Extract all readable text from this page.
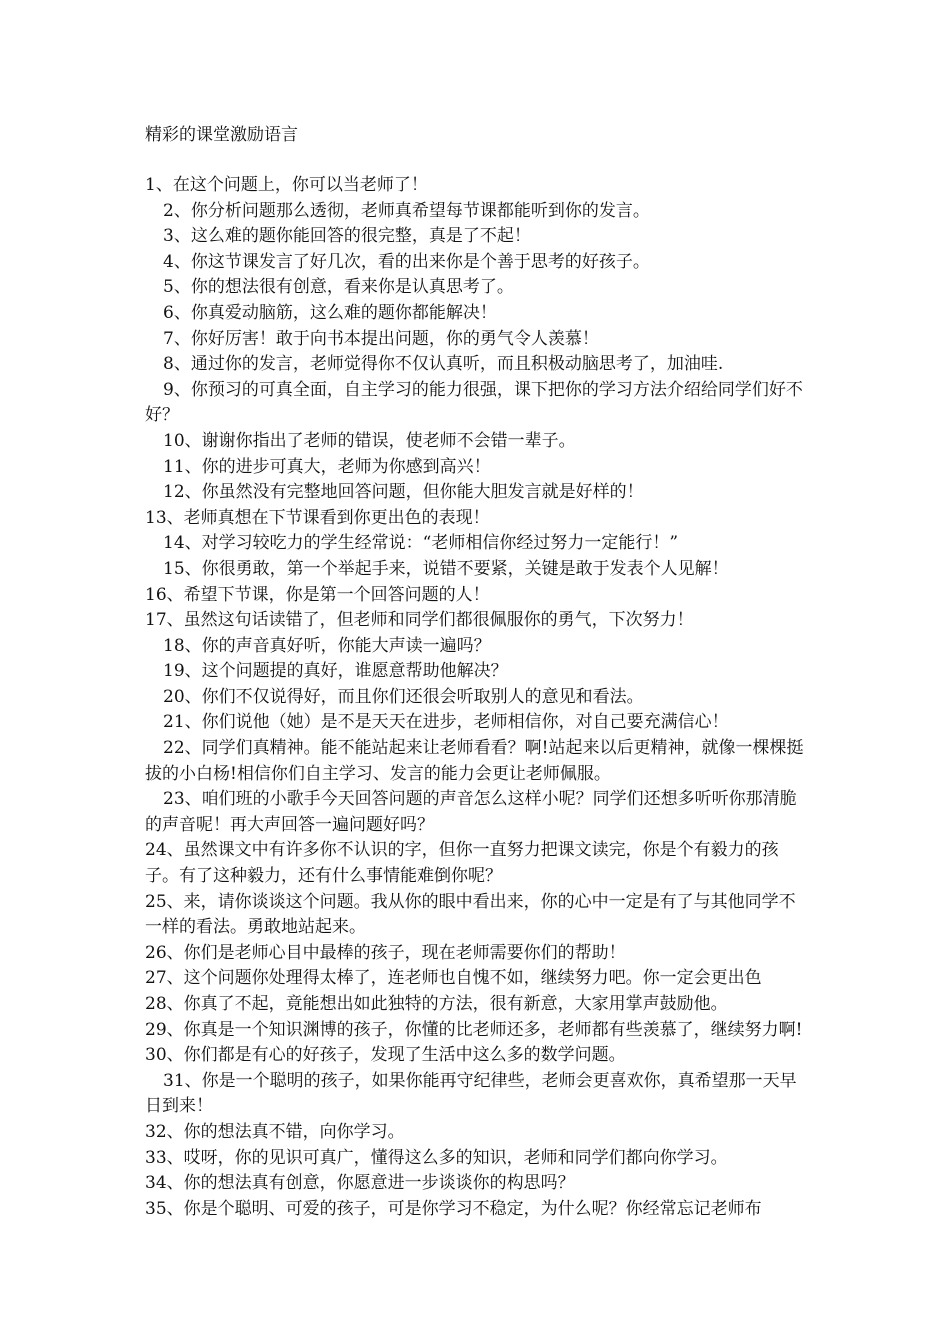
精彩的课堂激励语言
1、在这个问题上，你可以当老师了！
2、你分析问题那么透彻，老师真希望每节课都能听到你的发言。
3、这么难的题你能回答的很完整，真是了不起！
4、你这节课发言了好几次，看的出来你是个善于思考的好孩子。
5、你的想法很有创意，看来你是认真思考了。
6、你真爱动脑筋，这么难的题你都能解决！
7、你好厉害！敢于向书本提出问题，你的勇气令人羡慕！
8、通过你的发言，老师觉得你不仅认真听，而且积极动脑思考了，加油哇.
9、你预习的可真全面，自主学习的能力很强，课下把你的学习方法介绍给同学们好不好？
10、谢谢你指出了老师的错误，使老师不会错一辈子。
11、你的进步可真大，老师为你感到高兴！
12、你虽然没有完整地回答问题，但你能大胆发言就是好样的！
13、老师真想在下节课看到你更出色的表现！
14、对学习较吃力的学生经常说：“老师相信你经过努力一定能行！”
15、你很勇敢，第一个举起手来，说错不要紧，关键是敢于发表个人见解！
16、希望下节课，你是第一个回答问题的人！
17、虽然这句话读错了，但老师和同学们都很佩服你的勇气，下次努力！
18、你的声音真好听，你能大声读一遍吗？
19、这个问题提的真好，谁愿意帮助他解决？
20、你们不仅说得好，而且你们还很会听取别人的意见和看法。
21、你们说他（她）是不是天天在进步，老师相信你，对自己要充满信心！
22、同学们真精神。能不能站起来让老师看看？啊!站起来以后更精神，就像一棵棵挺拔的小白杨!相信你们自主学习、发言的能力会更让老师佩服。
23、咱们班的小歌手今天回答问题的声音怎么这样小呢？同学们还想多听听你那清脆的声音呢！再大声回答一遍问题好吗？
24、虽然课文中有许多你不认识的字，但你一直努力把课文读完，你是个有毅力的孩子。有了这种毅力，还有什么事情能难倒你呢？
25、来，请你谈谈这个问题。我从你的眼中看出来，你的心中一定是有了与其他同学不一样的看法。勇敢地站起来。
26、你们是老师心目中最棒的孩子，现在老师需要你们的帮助！
27、这个问题你处理得太棒了，连老师也自愧不如，继续努力吧。你一定会更出色
28、你真了不起，竟能想出如此独特的方法，很有新意，大家用掌声鼓励他。
29、你真是一个知识渊博的孩子，你懂的比老师还多，老师都有些羡慕了，继续努力啊!
30、你们都是有心的好孩子，发现了生活中这么多的数学问题。
31、你是一个聪明的孩子，如果你能再守纪律些，老师会更喜欢你，真希望那一天早日到来！
32、你的想法真不错，向你学习。
33、哎呀，你的见识可真广，懂得这么多的知识，老师和同学们都向你学习。
34、你的想法真有创意，你愿意进一步谈谈你的构思吗？
35、你是个聪明、可爱的孩子，可是你学习不稳定，为什么呢？你经常忘记老师布
